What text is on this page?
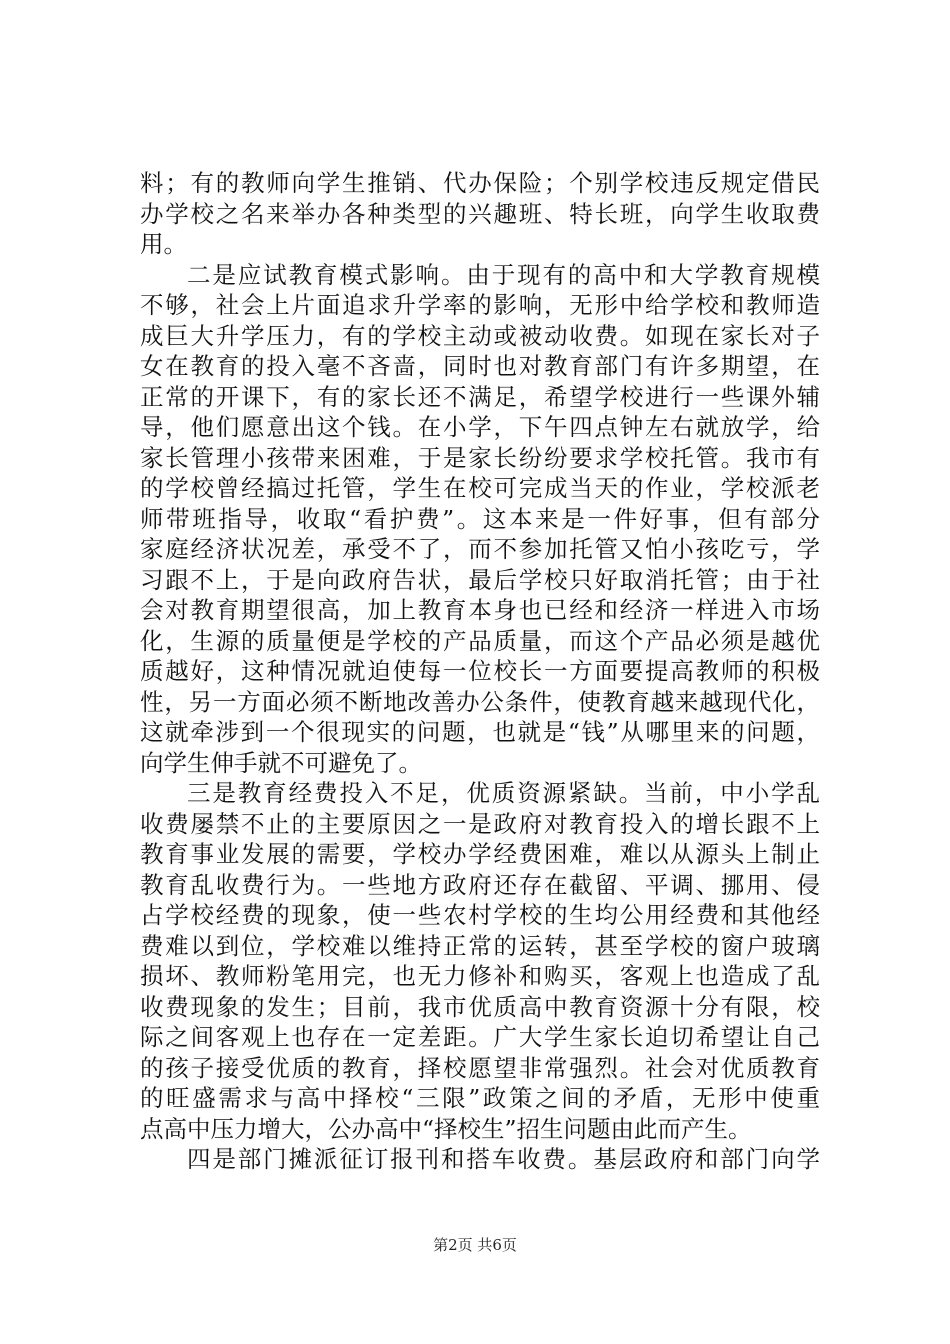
料；有的教师向学生推销、代办保险；个别学校违反规定借民
办学校之名来举办各种类型的兴趣班、特长班，向学生收取费
用。
二是应试教育模式影响。由于现有的高中和大学教育规模
不够，社会上片面追求升学率的影响，无形中给学校和教师造
成巨大升学压力，有的学校主动或被动收费。如现在家长对子
女在教育的投入毫不吝啬，同时也对教育部门有许多期望，在
正常的开课下，有的家长还不满足，希望学校进行一些课外辅
导，他们愿意出这个钱。在小学，下午四点钟左右就放学，给
家长管理小孩带来困难，于是家长纷纷要求学校托管。我市有
的学校曾经搞过托管，学生在校可完成当天的作业，学校派老
师带班指导，收取“看护费”。这本来是一件好事，但有部分
家庭经济状况差，承受不了，而不参加托管又怕小孩吃亏，学
习跟不上，于是向政府告状，最后学校只好取消托管；由于社
会对教育期望很高，加上教育本身也已经和经济一样进入市场
化，生源的质量便是学校的产品质量，而这个产品必须是越优
质越好，这种情况就迫使每一位校长一方面要提高教师的积极
性，另一方面必须不断地改善办公条件，使教育越来越现代化，
这就牵涉到一个很现实的问题，也就是“钱”从哪里来的问题，
向学生伸手就不可避免了。
三是教育经费投入不足，优质资源紧缺。当前，中小学乱
收费屡禁不止的主要原因之一是政府对教育投入的增长跟不上
教育事业发展的需要，学校办学经费困难，难以从源头上制止
教育乱收费行为。一些地方政府还存在截留、平调、挪用、侵
占学校经费的现象，使一些农村学校的生均公用经费和其他经
费难以到位，学校难以维持正常的运转，甚至学校的窗户玻璃
损坏、教师粉笔用完，也无力修补和购买，客观上也造成了乱
收费现象的发生；目前，我市优质高中教育资源十分有限，校
际之间客观上也存在一定差距。广大学生家长迫切希望让自己
的孩子接受优质的教育，择校愿望非常强烈。社会对优质教育
的旺盛需求与高中择校“三限”政策之间的矛盾，无形中使重
点高中压力增大，公办高中“择校生”招生问题由此而产生。
四是部门摊派征订报刊和搭车收费。基层政府和部门向学
第2页 共6页
